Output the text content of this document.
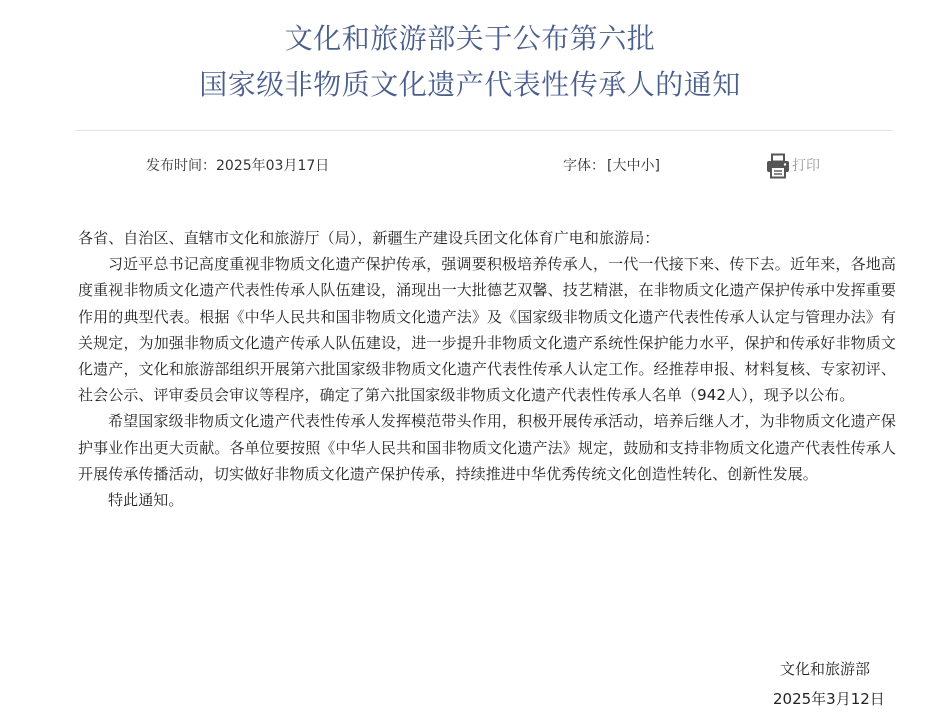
文化和旅游部关于公布第六批
国家级非物质文化遗产代表性传承人的通知
发布时间：2025年03月17日	字体： [大中小]	打印

各省、自治区、直辖市文化和旅游厅（局），新疆生产建设兵团文化体育广电和旅游局：

习近平总书记高度重视非物质文化遗产保护传承，强调要积极培养传承人，一代一代接下来、传下去。近年来，各地高度重视非物质文化遗产代表性传承人队伍建设，涌现出一大批德艺双馨、技艺精湛，在非物质文化遗产保护传承中发挥重要作用的典型代表。根据《中华人民共和国非物质文化遗产法》及《国家级非物质文化遗产代表性传承人认定与管理办法》有关规定，为加强非物质文化遗产传承人队伍建设，进一步提升非物质文化遗产系统性保护能力水平，保护和传承好非物质文化遗产，文化和旅游部组织开展第六批国家级非物质文化遗产代表性传承人认定工作。经推荐申报、材料复核、专家初评、社会公示、评审委员会审议等程序，确定了第六批国家级非物质文化遗产代表性传承人名单（942人），现予以公布。

希望国家级非物质文化遗产代表性传承人发挥模范带头作用，积极开展传承活动，培养后继人才，为非物质文化遗产保护事业作出更大贡献。各单位要按照《中华人民共和国非物质文化遗产法》规定，鼓励和支持非物质文化遗产代表性传承人开展传承传播活动，切实做好非物质文化遗产保护传承，持续推进中华优秀传统文化创造性转化、创新性发展。

特此通知。

文化和旅游部
2025年3月12日
